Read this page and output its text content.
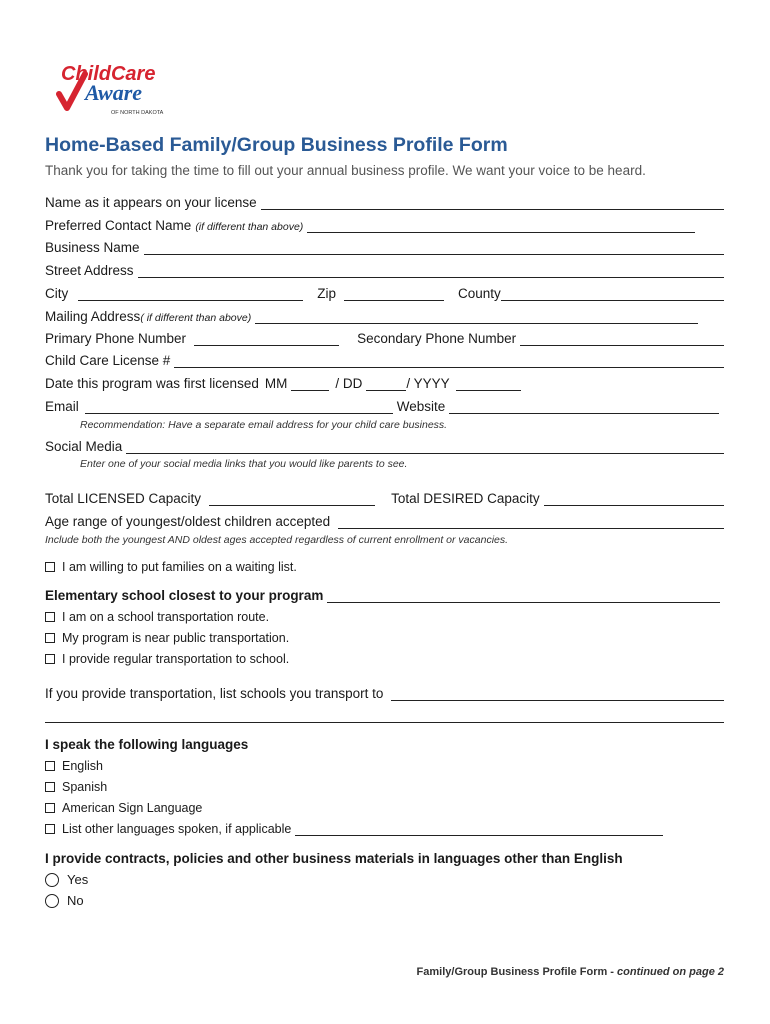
ChildCare
Aware
OF NORTH DAKOTA
Home-Based Family/Group Business Profile Form
Thank you for taking the time to fill out your annual business profile. We want your voice to be heard.
Name as it appears on your license
Preferred Contact Name (if different than above)
Business Name
Street Address
City	Zip	County
Mailing Address ( if different than above)
Primary Phone Number	Secondary Phone Number
Child Care License #
Date this program was first licensed MM	/ DD	/ YYYY
Email	Website
Recommendation: Have a separate email address for your child care business.
Social Media
Enter one of your social media links that you would like parents to see.
Total LICENSED Capacity	Total DESIRED Capacity
Age range of youngest/oldest children accepted
Include both the youngest AND oldest ages accepted regardless of current enrollment or vacancies.
I am willing to put families on a waiting list.
Elementary school closest to your program
I am on a school transportation route.
My program is near public transportation.
I provide regular transportation to school.
If you provide transportation, list schools you transport to
I speak the following languages
English
Spanish
American Sign Language
List other languages spoken, if applicable
I provide contracts, policies and other business materials in languages other than English
Yes
No
Family/Group Business Profile Form - continued on page 2
